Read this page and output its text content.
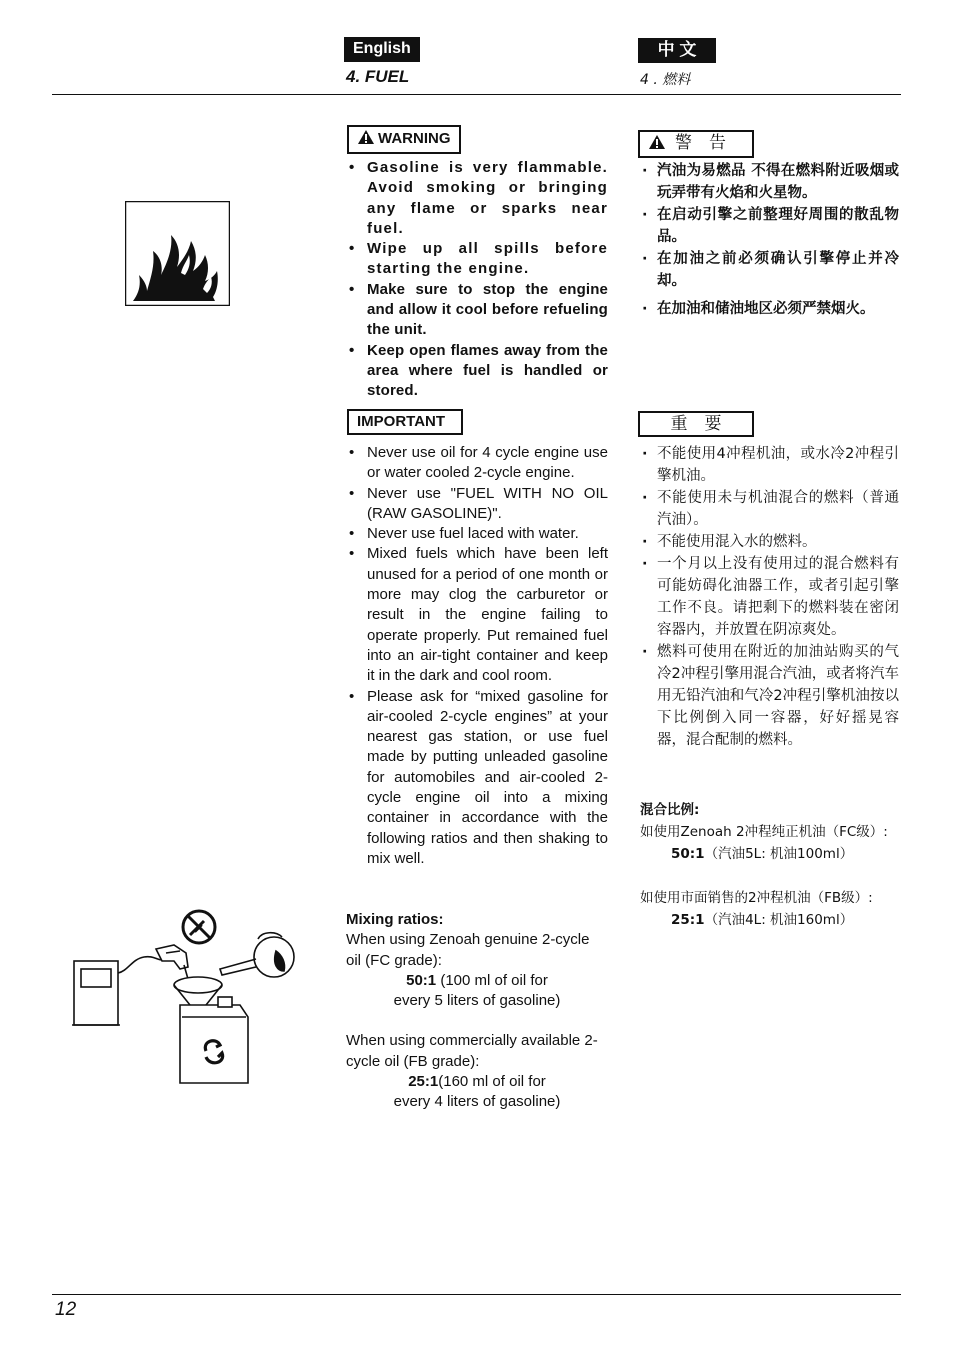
English	中 文
4. FUEL	4 . 燃料
WARNING
• Gasoline is very flammable. Avoid smoking or bringing any flame or sparks near fuel.
• Wipe up all spills before starting the engine.
• Make sure to stop the engine and allow it cool before refueling the unit.
• Keep open flames away from the area where fuel is handled or stored.
警　告
· 汽油为易燃品 不得在燃料附近吸烟或玩弄带有火焰和火星物。
· 在启动引擎之前整理好周围的散乱物品。
· 在加油之前必须确认引擎停止并冷却。
· 在加油和储油地区必须严禁烟火。
IMPORTANT
• Never use oil for 4 cycle engine use or water cooled 2-cycle engine.
• Never use "FUEL WITH NO OIL (RAW GASOLINE)".
• Never use fuel laced with water.
• Mixed fuels which have been left unused for a period of one month or more may clog the carburetor or result in the engine failing to operate properly. Put remained fuel into an air-tight container and keep it in the dark and cool room.
• Please ask for “mixed gasoline for air-cooled 2-cycle engines” at your nearest gas station, or use fuel made by putting unleaded gasoline for automobiles and air-cooled 2-cycle engine oil into a mixing container in accordance with the following ratios and then shaking to mix well.
重　要
· 不能使用4冲程机油，或水冷2冲程引擎机油。
· 不能使用未与机油混合的燃料（普通汽油）。
· 不能使用混入水的燃料。
· 一个月以上没有使用过的混合燃料有可能妨碍化油器工作，或者引起引擎工作不良。请把剩下的燃料装在密闭容器内，并放置在阴凉爽处。
· 燃料可使用在附近的加油站购买的气冷2冲程引擎用混合汽油，或者将汽车用无铅汽油和气冷2冲程引擎机油按以下比例倒入同一容器，好好摇晃容器，混合配制的燃料。
Mixing ratios:
When using Zenoah genuine 2-cycle oil (FC grade):
50:1 (100 ml of oil for
every 5 liters of gasoline)
When using commercially available 2-cycle oil (FB grade):
25:1(160 ml of oil for
every 4 liters of gasoline)
混合比例:
如使用Zenoah 2冲程纯正机油（FC级）:
50:1（汽油5L: 机油100ml）
如使用市面销售的2冲程机油（FB级）:
25:1（汽油4L: 机油160ml）
12
